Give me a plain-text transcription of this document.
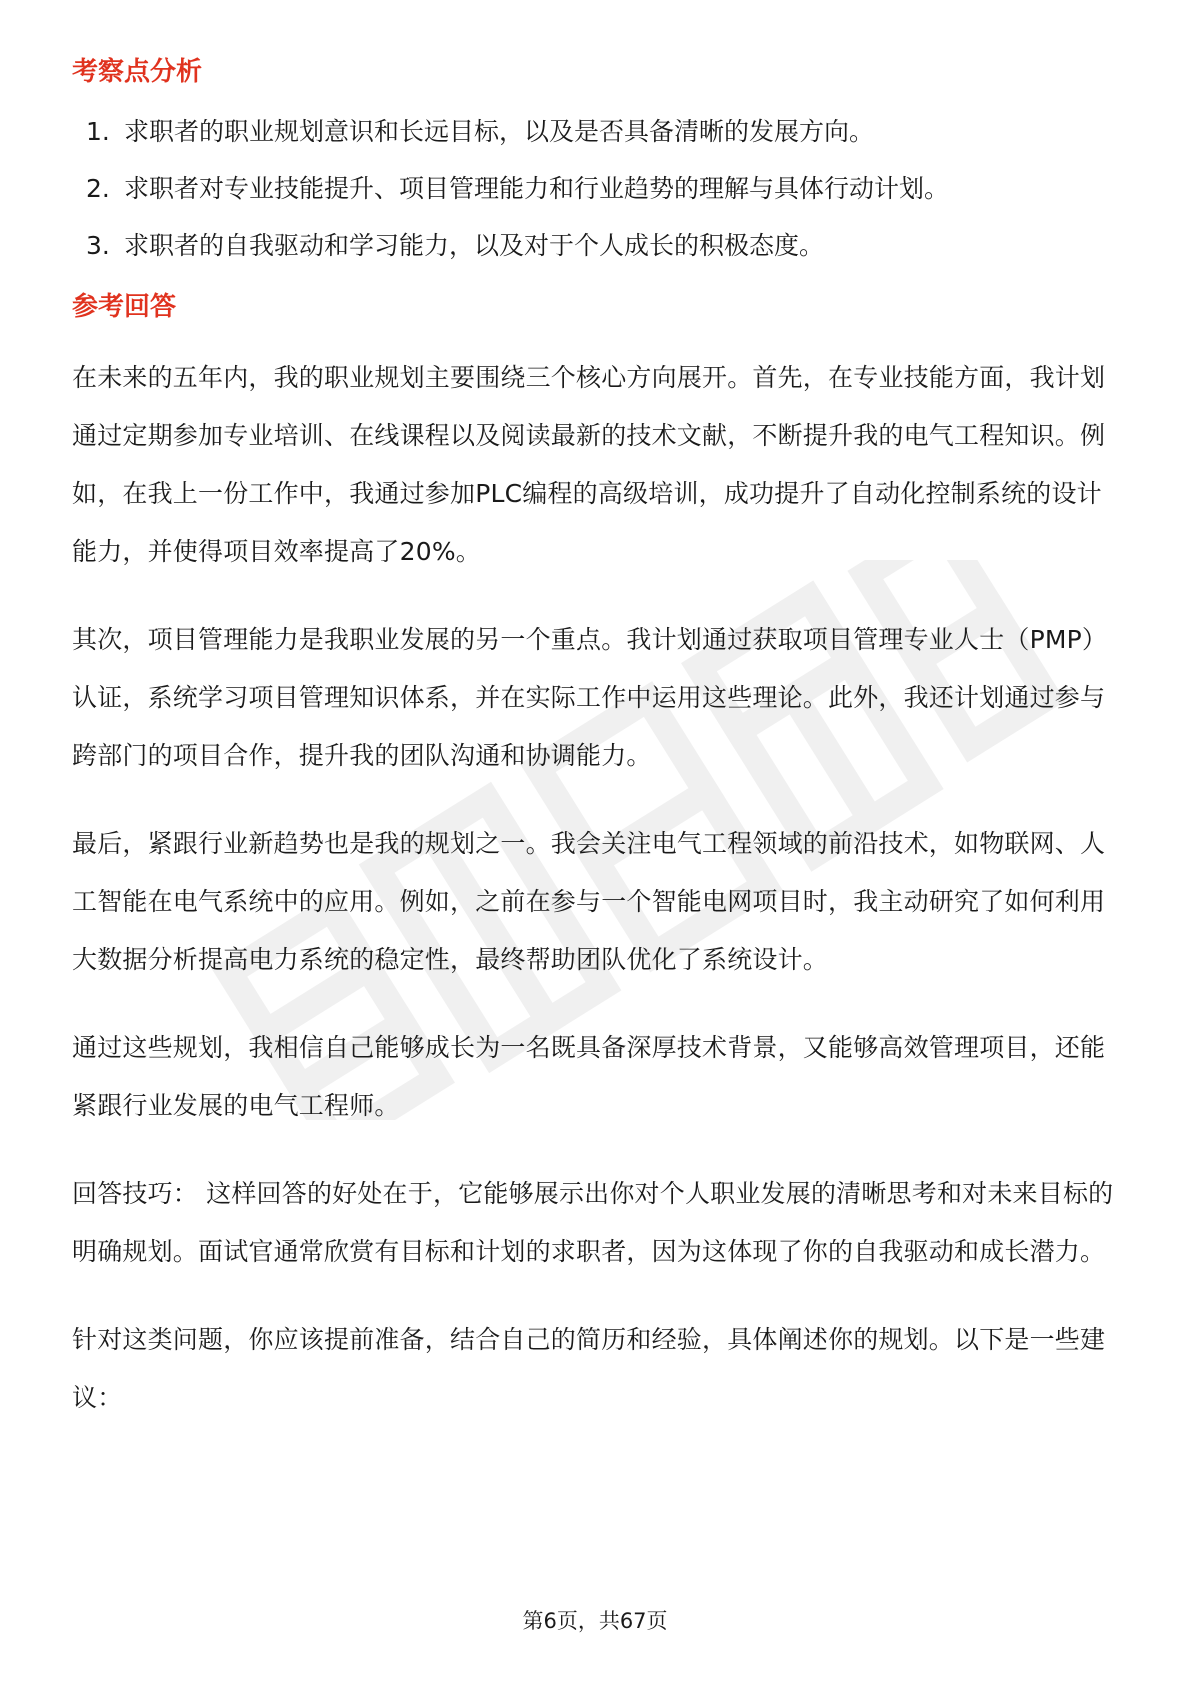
考察点分析
1. 求职者的职业规划意识和长远目标，以及是否具备清晰的发展方向。
2. 求职者对专业技能提升、项目管理能力和行业趋势的理解与具体行动计划。
3. 求职者的自我驱动和学习能力，以及对于个人成长的积极态度。
参考回答

在未来的五年内，我的职业规划主要围绕三个核心方向展开。首先，在专业技能方面，我计划通过定期参加专业培训、在线课程以及阅读最新的技术文献，不断提升我的电气工程知识。例如，在我上一份工作中，我通过参加PLC编程的高级培训，成功提升了自动化控制系统的设计能力，并使得项目效率提高了20%。

其次，项目管理能力是我职业发展的另一个重点。我计划通过获取项目管理专业人士（PMP）认证，系统学习项目管理知识体系，并在实际工作中运用这些理论。此外，我还计划通过参与跨部门的项目合作，提升我的团队沟通和协调能力。

最后，紧跟行业新趋势也是我的规划之一。我会关注电气工程领域的前沿技术，如物联网、人工智能在电气系统中的应用。例如，之前在参与一个智能电网项目时，我主动研究了如何利用大数据分析提高电力系统的稳定性，最终帮助团队优化了系统设计。

通过这些规划，我相信自己能够成长为一名既具备深厚技术背景，又能够高效管理项目，还能紧跟行业发展的电气工程师。

回答技巧： 这样回答的好处在于，它能够展示出你对个人职业发展的清晰思考和对未来目标的明确规划。面试官通常欣赏有目标和计划的求职者，因为这体现了你的自我驱动和成长潜力。

针对这类问题，你应该提前准备，结合自己的简历和经验，具体阐述你的规划。以下是一些建议：

第6页，共67页
